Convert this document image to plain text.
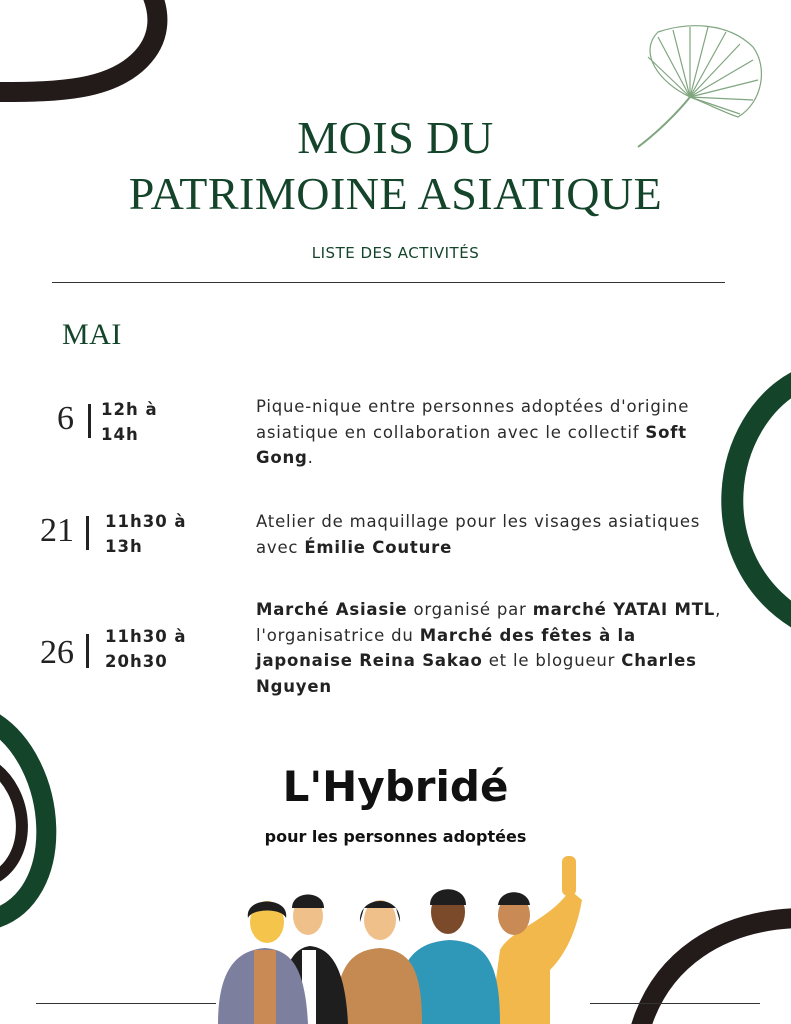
MOIS DU
PATRIMOINE ASIATIQUE
LISTE DES ACTIVITÉS
MAI
6 12h à
14h
Pique-nique entre personnes adoptées d'origine asiatique en collaboration avec le collectif Soft Gong.
21 11h30 à
13h
Atelier de maquillage pour les visages asiatiques avec Émilie Couture
26 11h30 à
20h30
Marché Asiasie organisé par marché YATAI MTL, l'organisatrice du Marché des fêtes à la japonaise Reina Sakao et le blogueur Charles Nguyen
L'Hybridé
pour les personnes adoptées
